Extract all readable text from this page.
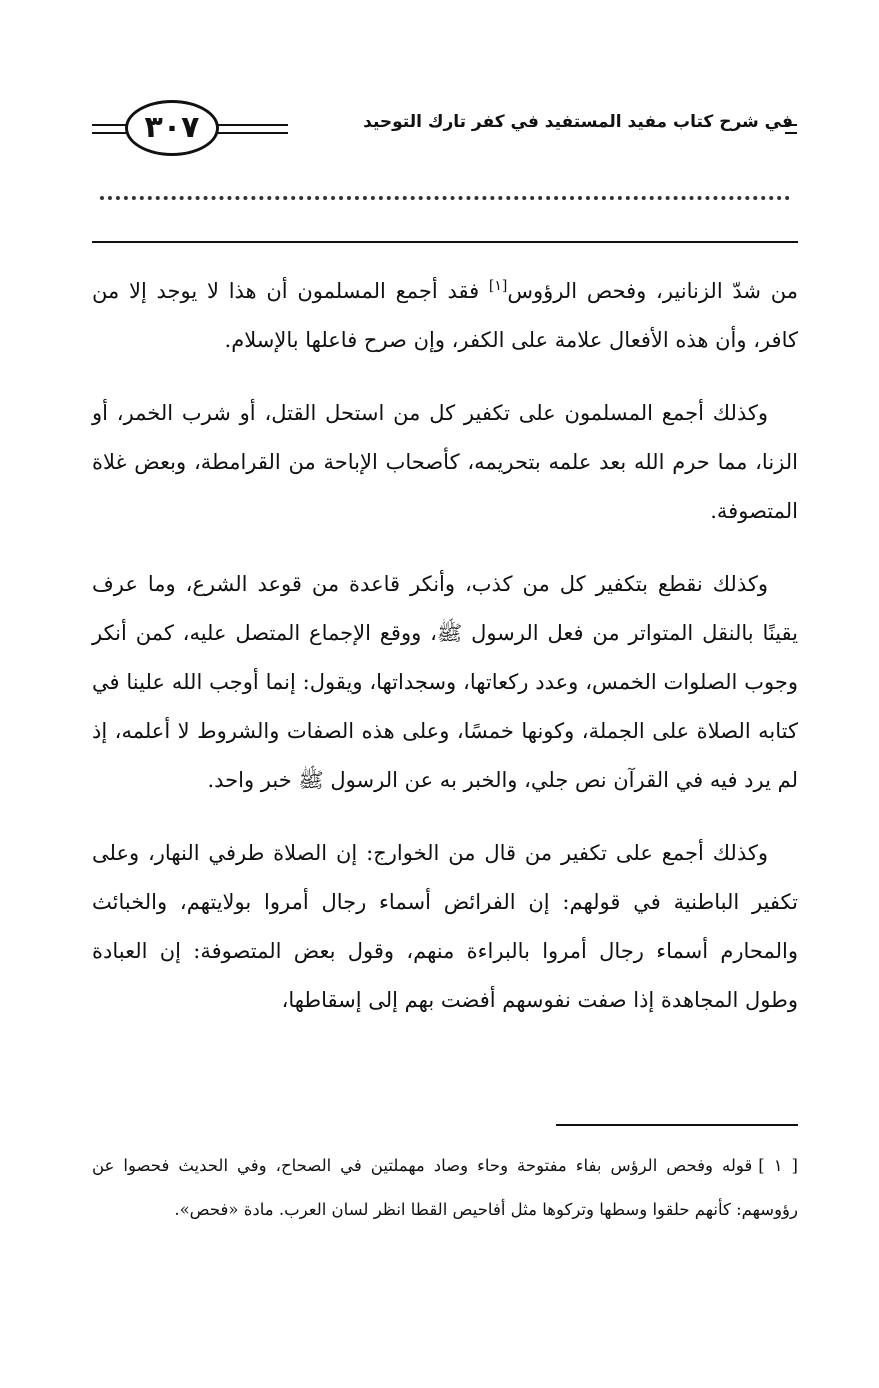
في شرح كتاب مفيد المستفيد في كفر تارك التوحيد
٣٠٧

من شدّ الزنانير، وفحص الرؤوس[١] فقد أجمع المسلمون أن هذا لا يوجد إلا من كافر، وأن هذه الأفعال علامة على الكفر، وإن صرح فاعلها بالإسلام.

وكذلك أجمع المسلمون على تكفير كل من استحل القتل، أو شرب الخمر، أو الزنا، مما حرم الله بعد علمه بتحريمه، كأصحاب الإباحة من القرامطة، وبعض غلاة المتصوفة.

وكذلك نقطع بتكفير كل من كذب، وأنكر قاعدة من قوعد الشرع، وما عرف يقينًا بالنقل المتواتر من فعل الرسول ﷺ، ووقع الإجماع المتصل عليه، كمن أنكر وجوب الصلوات الخمس، وعدد ركعاتها، وسجداتها، ويقول: إنما أوجب الله علينا في كتابه الصلاة على الجملة، وكونها خمسًا، وعلى هذه الصفات والشروط لا أعلمه، إذ لم يرد فيه في القرآن نص جلي، والخبر به عن الرسول ﷺ خبر واحد.

وكذلك أجمع على تكفير من قال من الخوارج: إن الصلاة طرفي النهار، وعلى تكفير الباطنية في قولهم: إن الفرائض أسماء رجال أمروا بولايتهم، والخبائث والمحارم أسماء رجال أمروا بالبراءة منهم، وقول بعض المتصوفة: إن العبادة وطول المجاهدة إذا صفت نفوسهم أفضت بهم إلى إسقاطها،

[ ١ ]قوله وفحص الرؤس بفاء مفتوحة وحاء وصاد مهملتين في الصحاح، وفي الحديث فحصوا عن رؤوسهم: كأنهم حلقوا وسطها وتركوها مثل أفاحيص القطا انظر لسان العرب. مادة «فحص».
